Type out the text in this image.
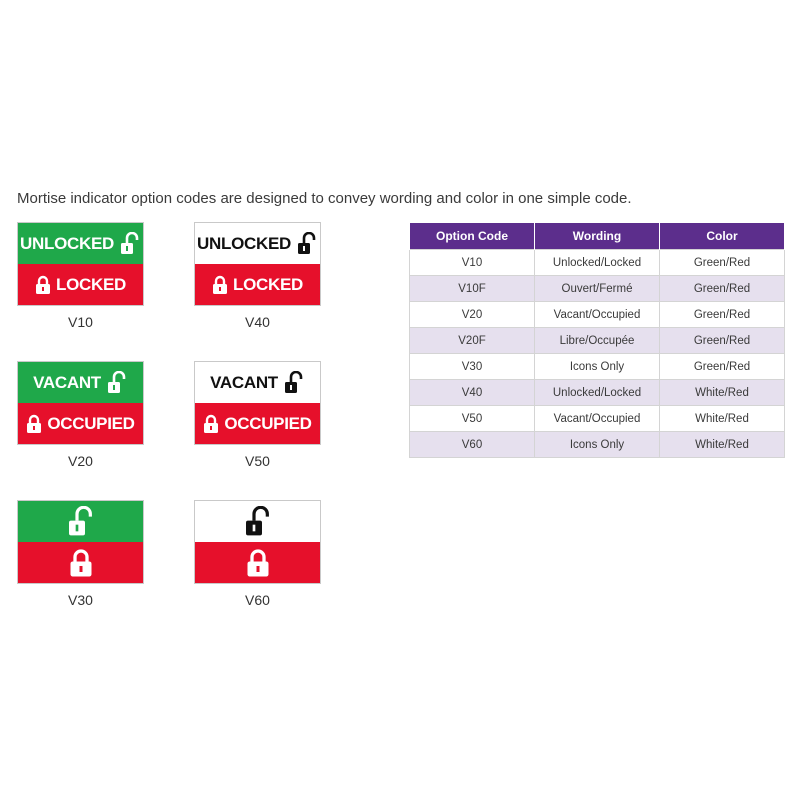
Mortise indicator option codes are designed to convey wording and color in one simple code.
UNLOCKED
LOCKED
V10
UNLOCKED
LOCKED
V40
VACANT
OCCUPIED
V20
VACANT
OCCUPIED
V50
V30	V60
Option Code	Wording	Color
V10	Unlocked/Locked	Green/Red
V10F	Ouvert/Fermé	Green/Red
V20	Vacant/Occupied	Green/Red
V20F	Libre/Occupée	Green/Red
V30	Icons Only	Green/Red
V40	Unlocked/Locked	White/Red
V50	Vacant/Occupied	White/Red
V60	Icons Only	White/Red
